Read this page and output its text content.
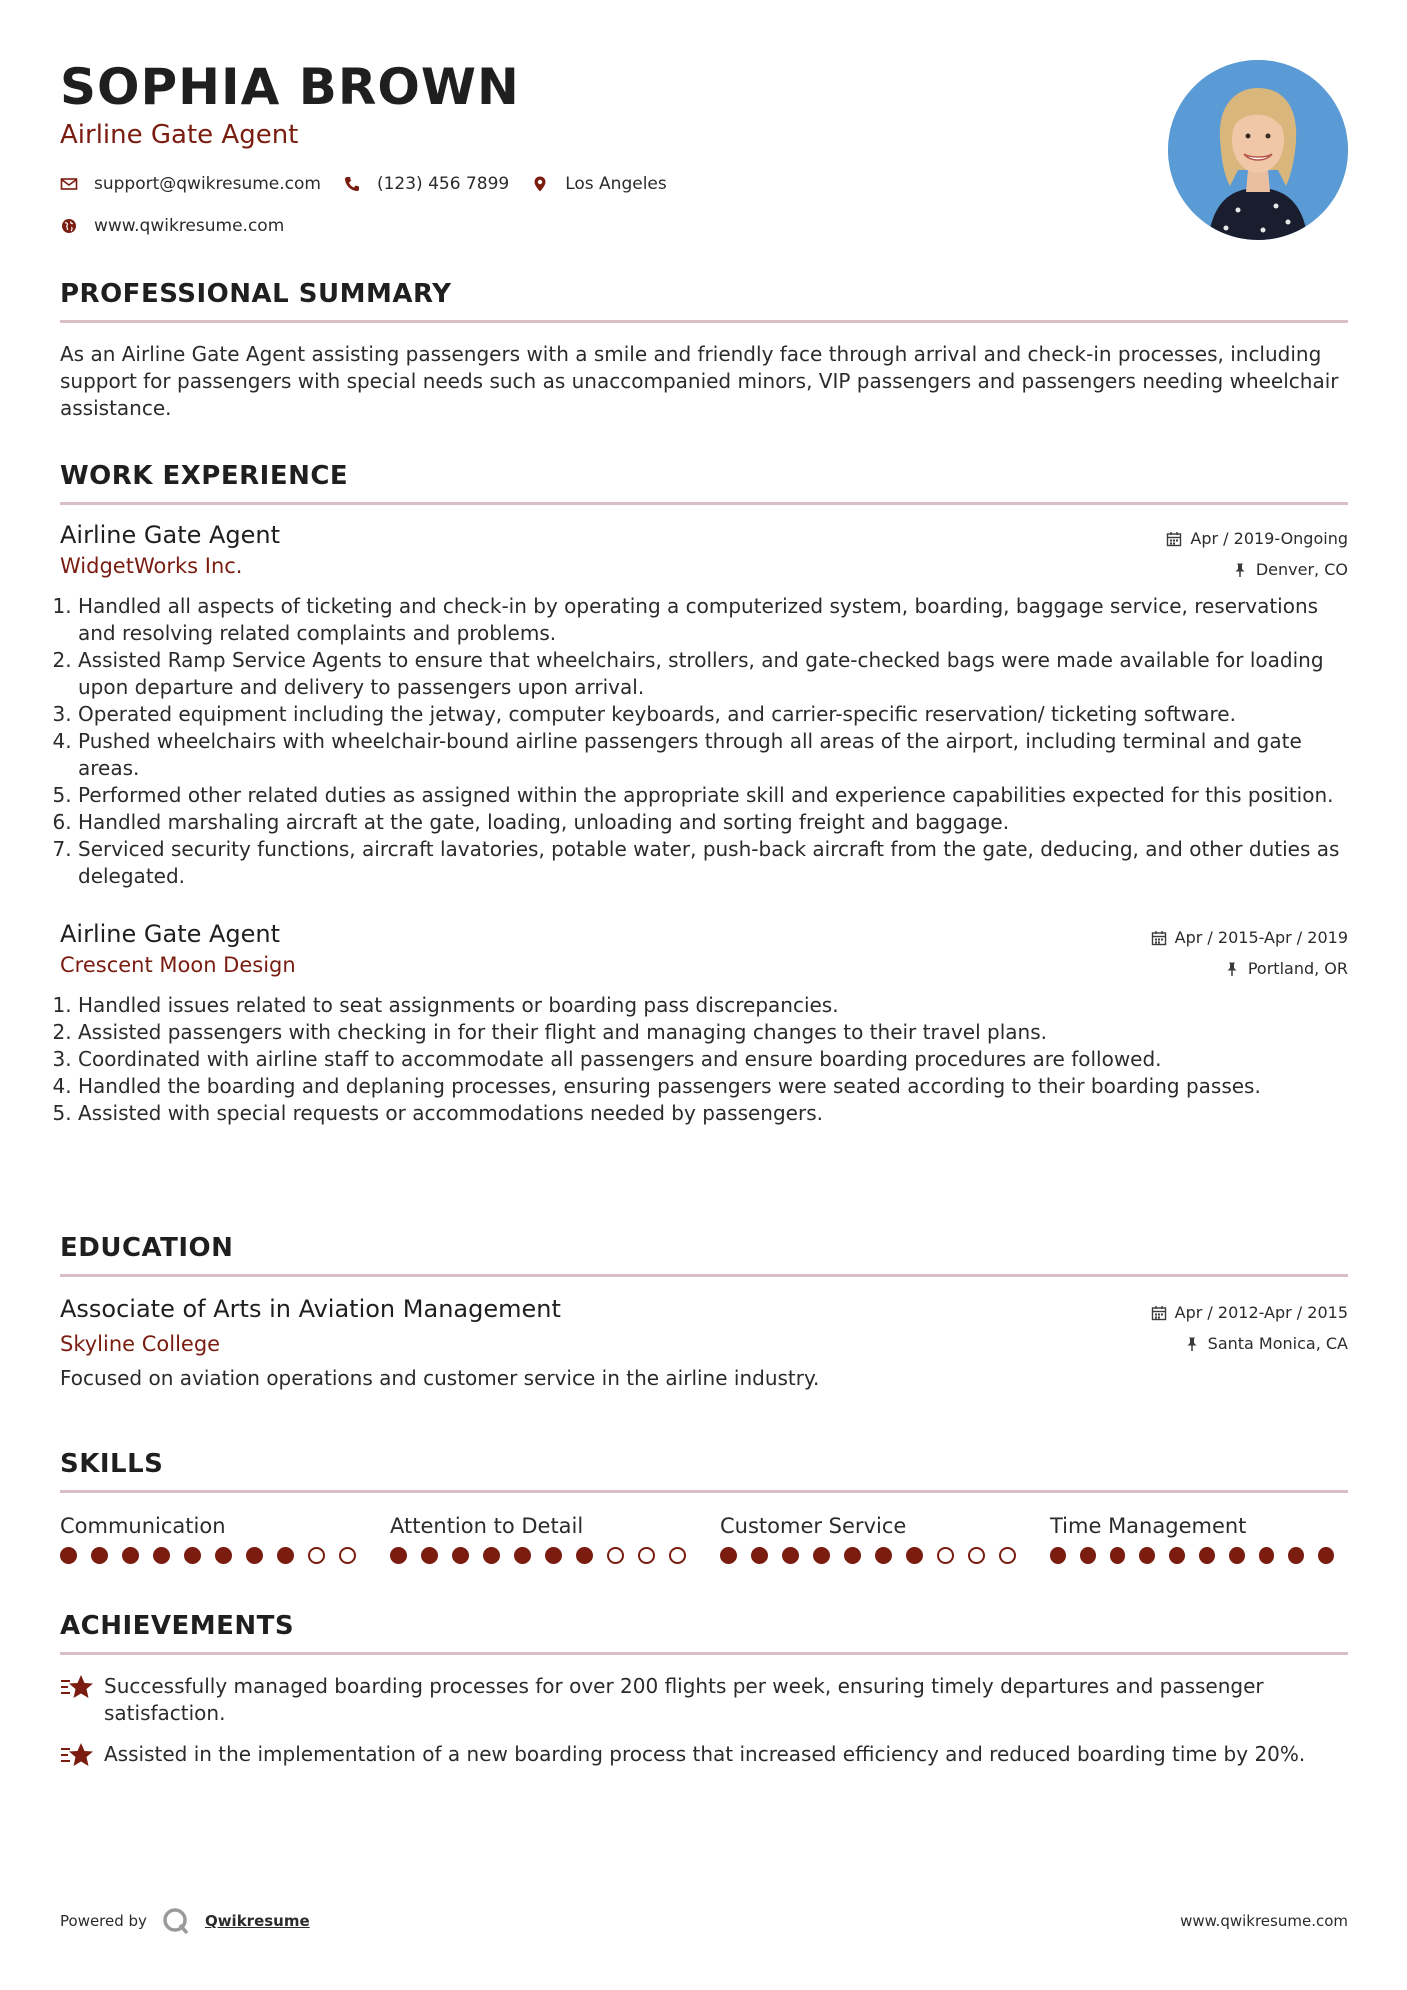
SOPHIA BROWN
Airline Gate Agent
support@qwikresume.com	(123) 456 7899	Los Angeles
www.qwikresume.com
PROFESSIONAL SUMMARY
As an Airline Gate Agent assisting passengers with a smile and friendly face through arrival and check-in processes, including support for passengers with special needs such as unaccompanied minors, VIP passengers and passengers needing wheelchair assistance.
WORK EXPERIENCE
Airline Gate Agent
WidgetWorks Inc.
Apr / 2019-Ongoing
Denver, CO
1. Handled all aspects of ticketing and check-in by operating a computerized system, boarding, baggage service, reservations and resolving related complaints and problems.
2. Assisted Ramp Service Agents to ensure that wheelchairs, strollers, and gate-checked bags were made available for loading upon departure and delivery to passengers upon arrival.
3. Operated equipment including the jetway, computer keyboards, and carrier-specific reservation/ ticketing software.
4. Pushed wheelchairs with wheelchair-bound airline passengers through all areas of the airport, including terminal and gate areas.
5. Performed other related duties as assigned within the appropriate skill and experience capabilities expected for this position.
6. Handled marshaling aircraft at the gate, loading, unloading and sorting freight and baggage.
7. Serviced security functions, aircraft lavatories, potable water, push-back aircraft from the gate, deducing, and other duties as delegated.
Airline Gate Agent
Crescent Moon Design
Apr / 2015-Apr / 2019
Portland, OR
1. Handled issues related to seat assignments or boarding pass discrepancies.
2. Assisted passengers with checking in for their flight and managing changes to their travel plans.
3. Coordinated with airline staff to accommodate all passengers and ensure boarding procedures are followed.
4. Handled the boarding and deplaning processes, ensuring passengers were seated according to their boarding passes.
5. Assisted with special requests or accommodations needed by passengers.
EDUCATION
Associate of Arts in Aviation Management
Skyline College
Apr / 2012-Apr / 2015
Santa Monica, CA
Focused on aviation operations and customer service in the airline industry.
SKILLS
Communication	Attention to Detail	Customer Service	Time Management
ACHIEVEMENTS
Successfully managed boarding processes for over 200 flights per week, ensuring timely departures and passenger satisfaction.
Assisted in the implementation of a new boarding process that increased efficiency and reduced boarding time by 20%.
Powered by	Qwikresume	www.qwikresume.com
